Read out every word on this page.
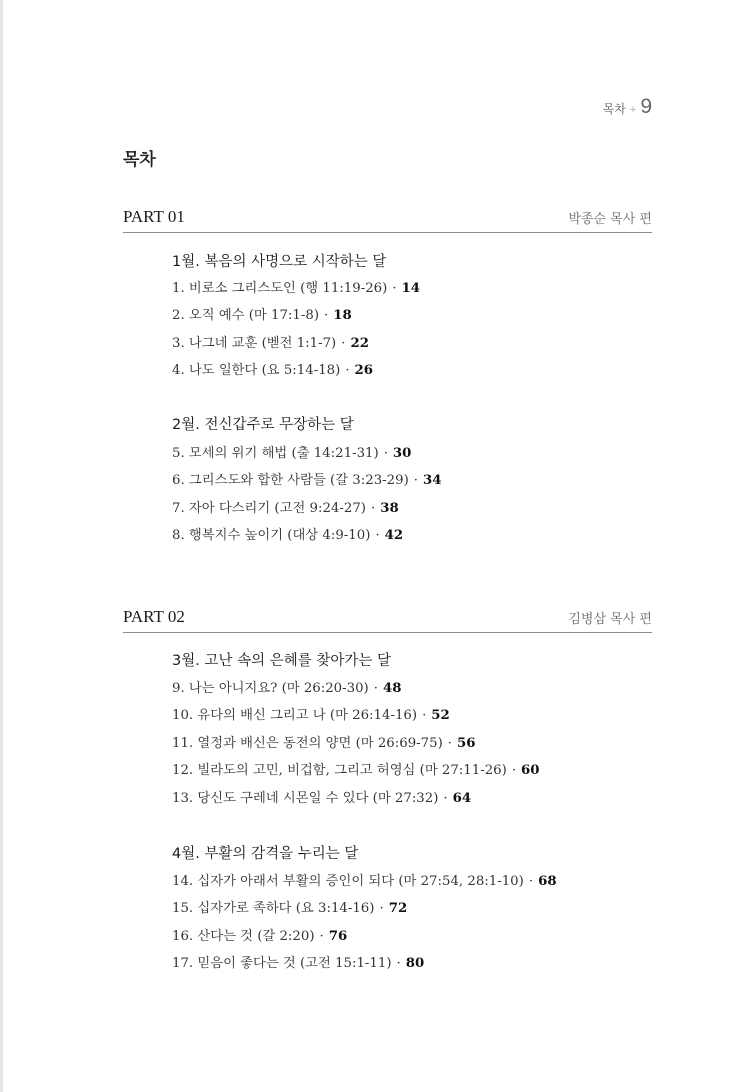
목차 + 9
목차
PART 01	박종순 목사 편
1월. 복음의 사명으로 시작하는 달
1. 비로소 그리스도인 (행 11:19-26) · 14
2. 오직 예수 (마 17:1-8) · 18
3. 나그네 교훈 (벧전 1:1-7) · 22
4. 나도 일한다 (요 5:14-18) · 26
2월. 전신갑주로 무장하는 달
5. 모세의 위기 해법 (출 14:21-31) · 30
6. 그리스도와 합한 사람들 (갈 3:23-29) · 34
7. 자아 다스리기 (고전 9:24-27) · 38
8. 행복지수 높이기 (대상 4:9-10) · 42
PART 02	김병삼 목사 편
3월. 고난 속의 은혜를 찾아가는 달
9. 나는 아니지요? (마 26:20-30) · 48
10. 유다의 배신 그리고 나 (마 26:14-16) · 52
11. 열정과 배신은 동전의 양면 (마 26:69-75) · 56
12. 빌라도의 고민, 비겁함, 그리고 허영심 (마 27:11-26) · 60
13. 당신도 구레네 시몬일 수 있다 (마 27:32) · 64
4월. 부활의 감격을 누리는 달
14. 십자가 아래서 부활의 증인이 되다 (마 27:54, 28:1-10) · 68
15. 십자가로 족하다 (요 3:14-16) · 72
16. 산다는 것 (갈 2:20) · 76
17. 믿음이 좋다는 것 (고전 15:1-11) · 80
